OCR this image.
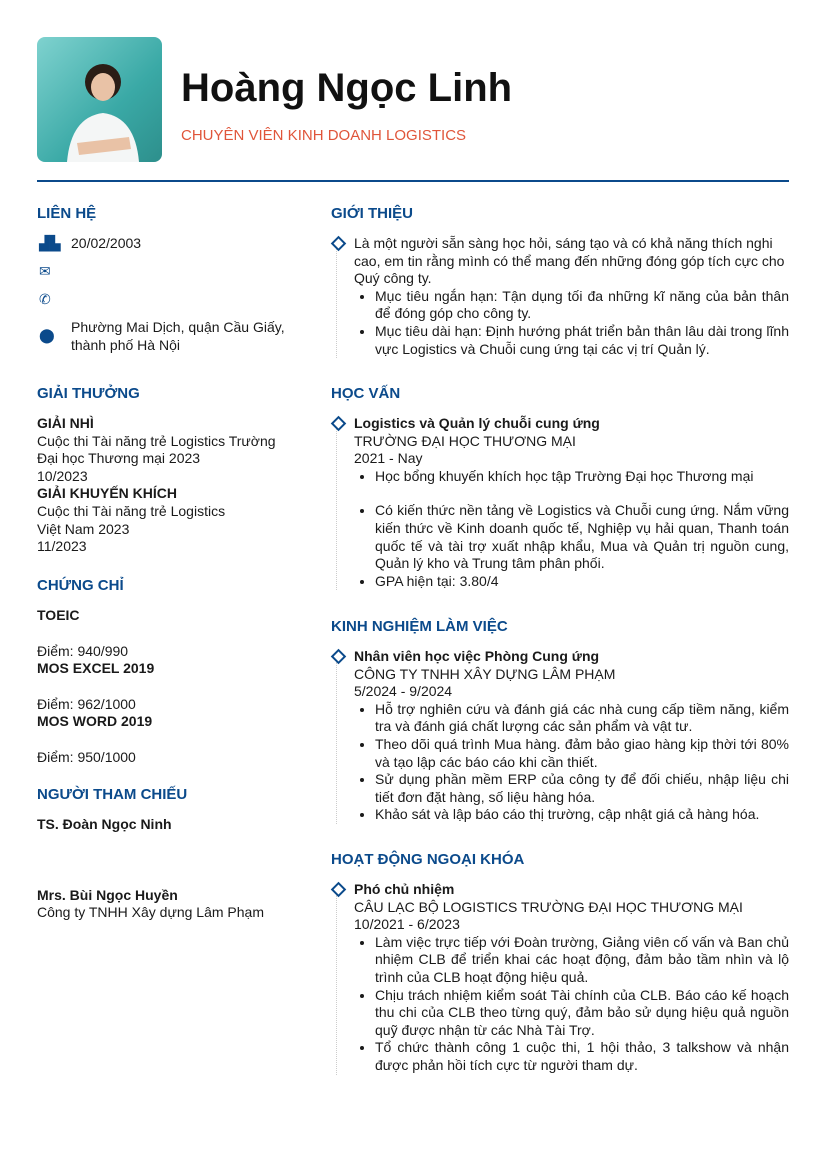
Hoàng Ngọc Linh
CHUYÊN VIÊN KINH DOANH LOGISTICS
LIÊN HỆ
▟▙ 20/02/2003
✉
✆
⬤	Phường Mai Dịch, quận Cầu Giấy, thành phố Hà Nội
GIẢI THƯỞNG
GIẢI NHÌ
Cuộc thi Tài năng trẻ Logistics Trường Đại học Thương mại 2023
10/2023
GIẢI KHUYẾN KHÍCH
Cuộc thi Tài năng trẻ Logistics Việt Nam 2023
11/2023
CHỨNG CHỈ
TOEIC
Điểm: 940/990
MOS EXCEL 2019
Điểm: 962/1000
MOS WORD 2019
Điểm: 950/1000
NGƯỜI THAM CHIẾU
TS. Đoàn Ngọc Ninh
Mrs. Bùi Ngọc Huyền
Công ty TNHH Xây dựng Lâm Phạm
GIỚI THIỆU
Là một người sẵn sàng học hỏi, sáng tạo và có khả năng thích nghi cao, em tin rằng mình có thể mang đến những đóng góp tích cực cho Quý công ty.
• Mục tiêu ngắn hạn: Tận dụng tối đa những kĩ năng của bản thân để đóng góp cho công ty.
• Mục tiêu dài hạn: Định hướng phát triển bản thân lâu dài trong lĩnh vực Logistics và Chuỗi cung ứng tại các vị trí Quản lý.
HỌC VẤN
Logistics và Quản lý chuỗi cung ứng
TRƯỜNG ĐẠI HỌC THƯƠNG MẠI
2021 - Nay
• Học bổng khuyến khích học tập Trường Đại học Thương mại
• Có kiến thức nền tảng về Logistics và Chuỗi cung ứng. Nắm vững kiến thức về Kinh doanh quốc tế, Nghiệp vụ hải quan, Thanh toán quốc tế và tài trợ xuất nhập khẩu, Mua và Quản trị nguồn cung, Quản lý kho và Trung tâm phân phối.
• GPA hiện tại: 3.80/4
KINH NGHIỆM LÀM VIỆC
Nhân viên học việc Phòng Cung ứng
CÔNG TY TNHH XÂY DỰNG LÂM PHẠM
5/2024 - 9/2024
• Hỗ trợ nghiên cứu và đánh giá các nhà cung cấp tiềm năng, kiểm tra và đánh giá chất lượng các sản phẩm và vật tư.
• Theo dõi quá trình Mua hàng. đảm bảo giao hàng kịp thời tới 80% và tạo lập các báo cáo khi cần thiết.
• Sử dụng phần mềm ERP của công ty để đối chiếu, nhập liệu chi tiết đơn đặt hàng, số liệu hàng hóa.
• Khảo sát và lập báo cáo thị trường, cập nhật giá cả hàng hóa.
HOẠT ĐỘNG NGOẠI KHÓA
Phó chủ nhiệm
CÂU LẠC BỘ LOGISTICS TRƯỜNG ĐẠI HỌC THƯƠNG MẠI
10/2021 - 6/2023
• Làm việc trực tiếp với Đoàn trường, Giảng viên cố vấn và Ban chủ nhiệm CLB để triển khai các hoạt động, đảm bảo tầm nhìn và lộ trình của CLB hoạt động hiệu quả.
• Chịu trách nhiệm kiểm soát Tài chính của CLB. Báo cáo kế hoạch thu chi của CLB theo từng quý, đảm bảo sử dụng hiệu quả nguồn quỹ được nhận từ các Nhà Tài Trợ.
• Tổ chức thành công 1 cuộc thi, 1 hội thảo, 3 talkshow và nhận được phản hồi tích cực từ người tham dự.
